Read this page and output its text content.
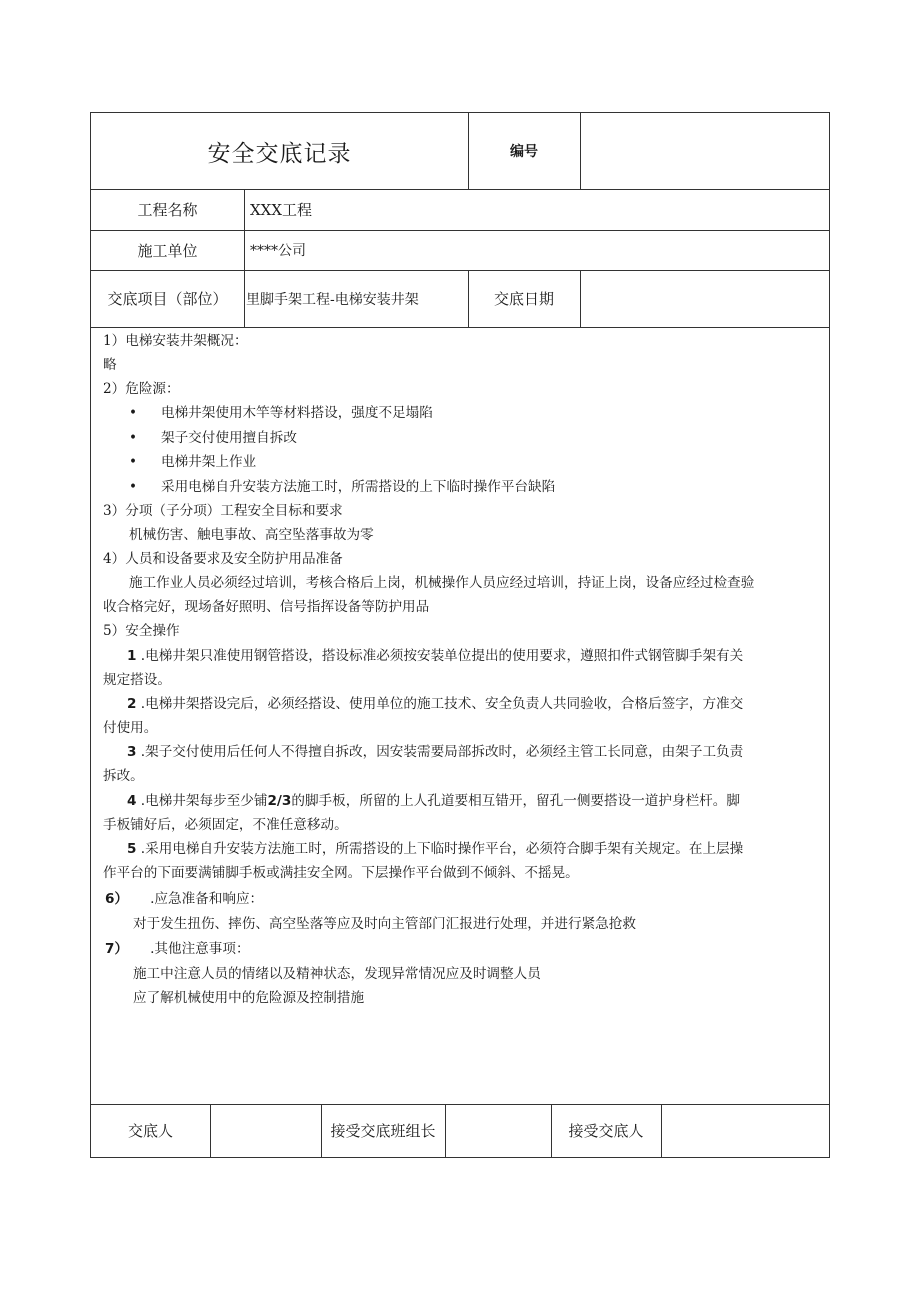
安全交底记录	编号
工程名称	XXX工程
施工单位	****公司
交底项目（部位）	里脚手架工程-电梯安装井架	交底日期
1）电梯安装井架概况：
略
2）危险源：
• 电梯井架使用木竿等材料搭设，强度不足塌陷
• 架子交付使用擅自拆改
• 电梯井架上作业
• 采用电梯自升安装方法施工时，所需搭设的上下临时操作平台缺陷
3）分项（子分项）工程安全目标和要求
机械伤害、触电事故、高空坠落事故为零
4）人员和设备要求及安全防护用品准备
施工作业人员必须经过培训，考核合格后上岗，机械操作人员应经过培训，持证上岗，设备应经过检查验
收合格完好，现场备好照明、信号指挥设备等防护用品
5）安全操作
1 .电梯井架只准使用钢管搭设，搭设标准必须按安装单位提出的使用要求，遵照扣件式钢管脚手架有关
规定搭设。
2 .电梯井架搭设完后，必须经搭设、使用单位的施工技术、安全负责人共同验收，合格后签字，方准交
付使用。
3 .架子交付使用后任何人不得擅自拆改，因安装需要局部拆改时，必须经主管工长同意，由架子工负责
拆改。
4 .电梯井架每步至少铺2/3的脚手板，所留的上人孔道要相互错开，留孔一侧要搭设一道护身栏杆。脚
手板铺好后，必须固定，不准任意移动。
5 .采用电梯自升安装方法施工时，所需搭设的上下临时操作平台，必须符合脚手架有关规定。在上层操
作平台的下面要满铺脚手板或满挂安全网。下层操作平台做到不倾斜、不摇晃。
6） .应急准备和响应：
对于发生扭伤、摔伤、高空坠落等应及时向主管部门汇报进行处理，并进行紧急抢救
7） .其他注意事项：
施工中注意人员的情绪以及精神状态，发现异常情况应及时调整人员
应了解机械使用中的危险源及控制措施
交底人	接受交底班组长	接受交底人
